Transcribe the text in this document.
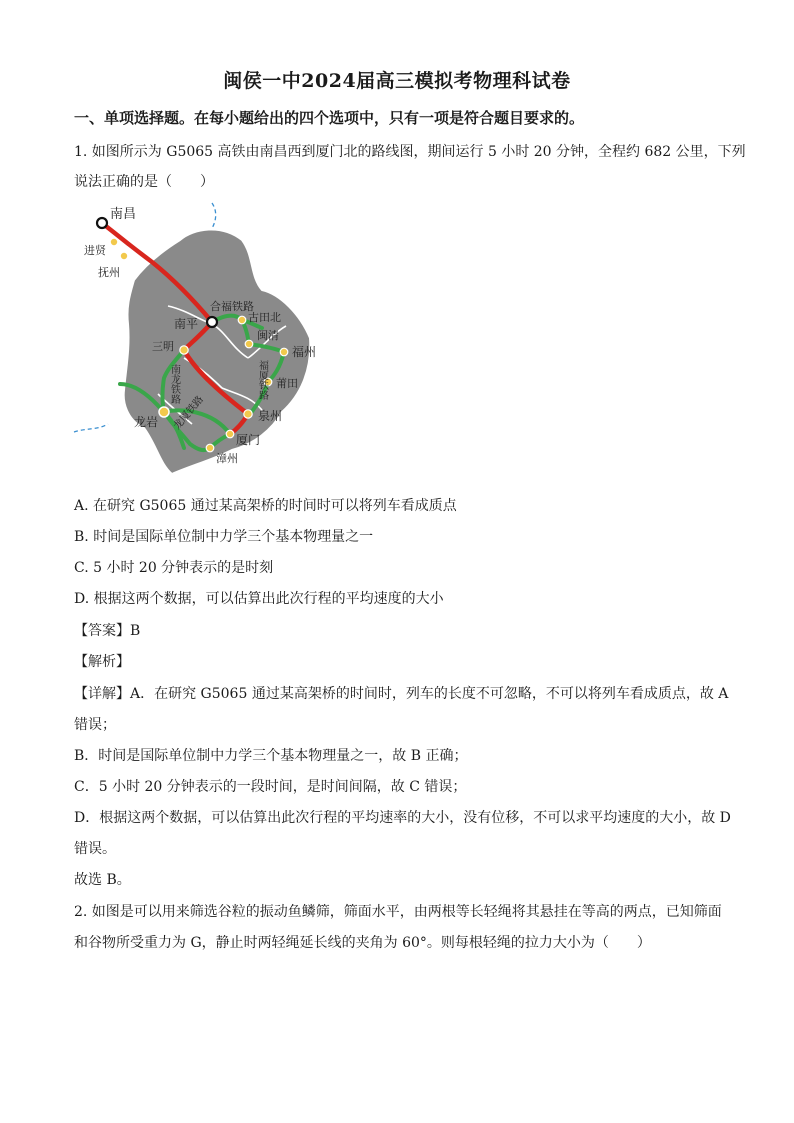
闽侯一中2024届高三模拟考物理科试卷
一、单项选择题。在每小题给出的四个选项中，只有一项是符合题目要求的。
1. 如图所示为 G5065 高铁由南昌西到厦门北的路线图，期间运行 5 小时 20 分钟，全程约 682 公里，下列
说法正确的是（　　）
南昌
进贤
抚州
合福铁路
南平	古田北
闽清
福州
三明
南龙铁路	福厦铁路 莆田
泉州
龙岩 龙厦铁路
厦门
漳州
A. 在研究 G5065 通过某高架桥的时间时可以将列车看成质点
B. 时间是国际单位制中力学三个基本物理量之一
C. 5 小时 20 分钟表示的是时刻
D. 根据这两个数据，可以估算出此次行程的平均速度的大小
【答案】B
【解析】
【详解】A．在研究 G5065 通过某高架桥的时间时，列车的长度不可忽略，不可以将列车看成质点，故 A
错误；
B．时间是国际单位制中力学三个基本物理量之一，故 B 正确；
C．5 小时 20 分钟表示的一段时间，是时间间隔，故 C 错误；
D．根据这两个数据，可以估算出此次行程的平均速率的大小，没有位移，不可以求平均速度的大小，故 D
错误。
故选 B。
2. 如图是可以用来筛选谷粒的振动鱼鳞筛，筛面水平，由两根等长轻绳将其悬挂在等高的两点，已知筛面
和谷物所受重力为 G，静止时两轻绳延长线的夹角为 60°。则每根轻绳的拉力大小为（　　）
